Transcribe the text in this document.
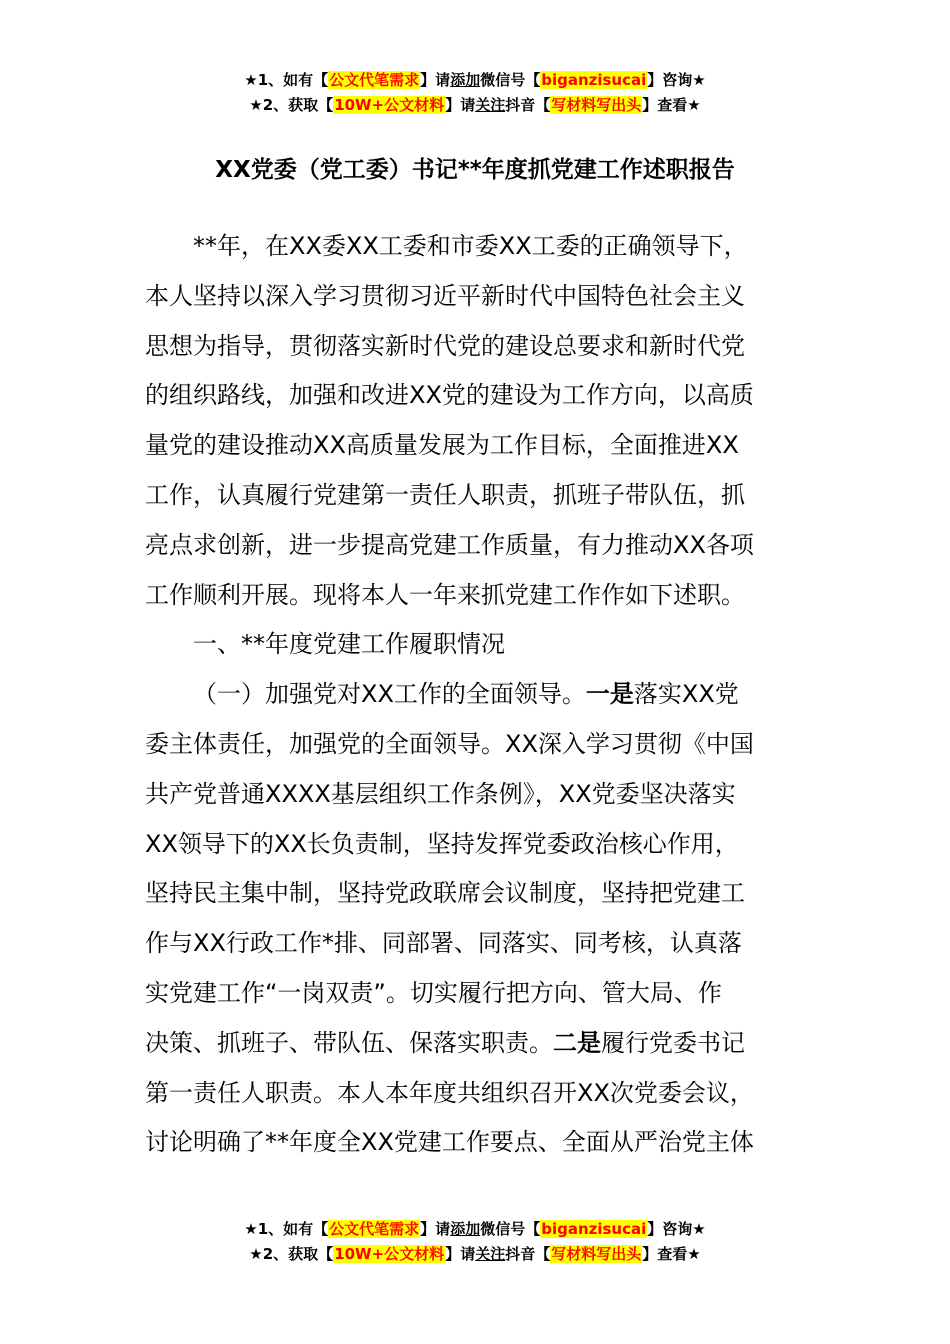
★1、如有【公文代笔需求】请添加微信号【biganzisucai】咨询★
★2、获取【10W+公文材料】请关注抖音【写材料写出头】查看★
XX党委（党工委）书记**年度抓党建工作述职报告

**年，在XX委XX工委和市委XX工委的正确领导下，

本人坚持以深入学习贯彻习近平新时代中国特色社会主义

思想为指导，贯彻落实新时代党的建设总要求和新时代党

的组织路线，加强和改进XX党的建设为工作方向，以高质

量党的建设推动XX高质量发展为工作目标，全面推进XX

工作，认真履行党建第一责任人职责，抓班子带队伍，抓

亮点求创新，进一步提高党建工作质量，有力推动XX各项

工作顺利开展。现将本人一年来抓党建工作作如下述职。

一、**年度党建工作履职情况

（一）加强党对XX工作的全面领导。一是落实XX党

委主体责任，加强党的全面领导。XX深入学习贯彻《中国

共产党普通XXXX基层组织工作条例》，XX党委坚决落实

XX领导下的XX长负责制，坚持发挥党委政治核心作用，

坚持民主集中制，坚持党政联席会议制度，坚持把党建工

作与XX行政工作*排、同部署、同落实、同考核，认真落

实党建工作“一岗双责”。切实履行把方向、管大局、作

决策、抓班子、带队伍、保落实职责。二是履行党委书记

第一责任人职责。本人本年度共组织召开XX次党委会议，

讨论明确了**年度全XX党建工作要点、全面从严治党主体

★1、如有【公文代笔需求】请添加微信号【biganzisucai】咨询★
★2、获取【10W+公文材料】请关注抖音【写材料写出头】查看★
